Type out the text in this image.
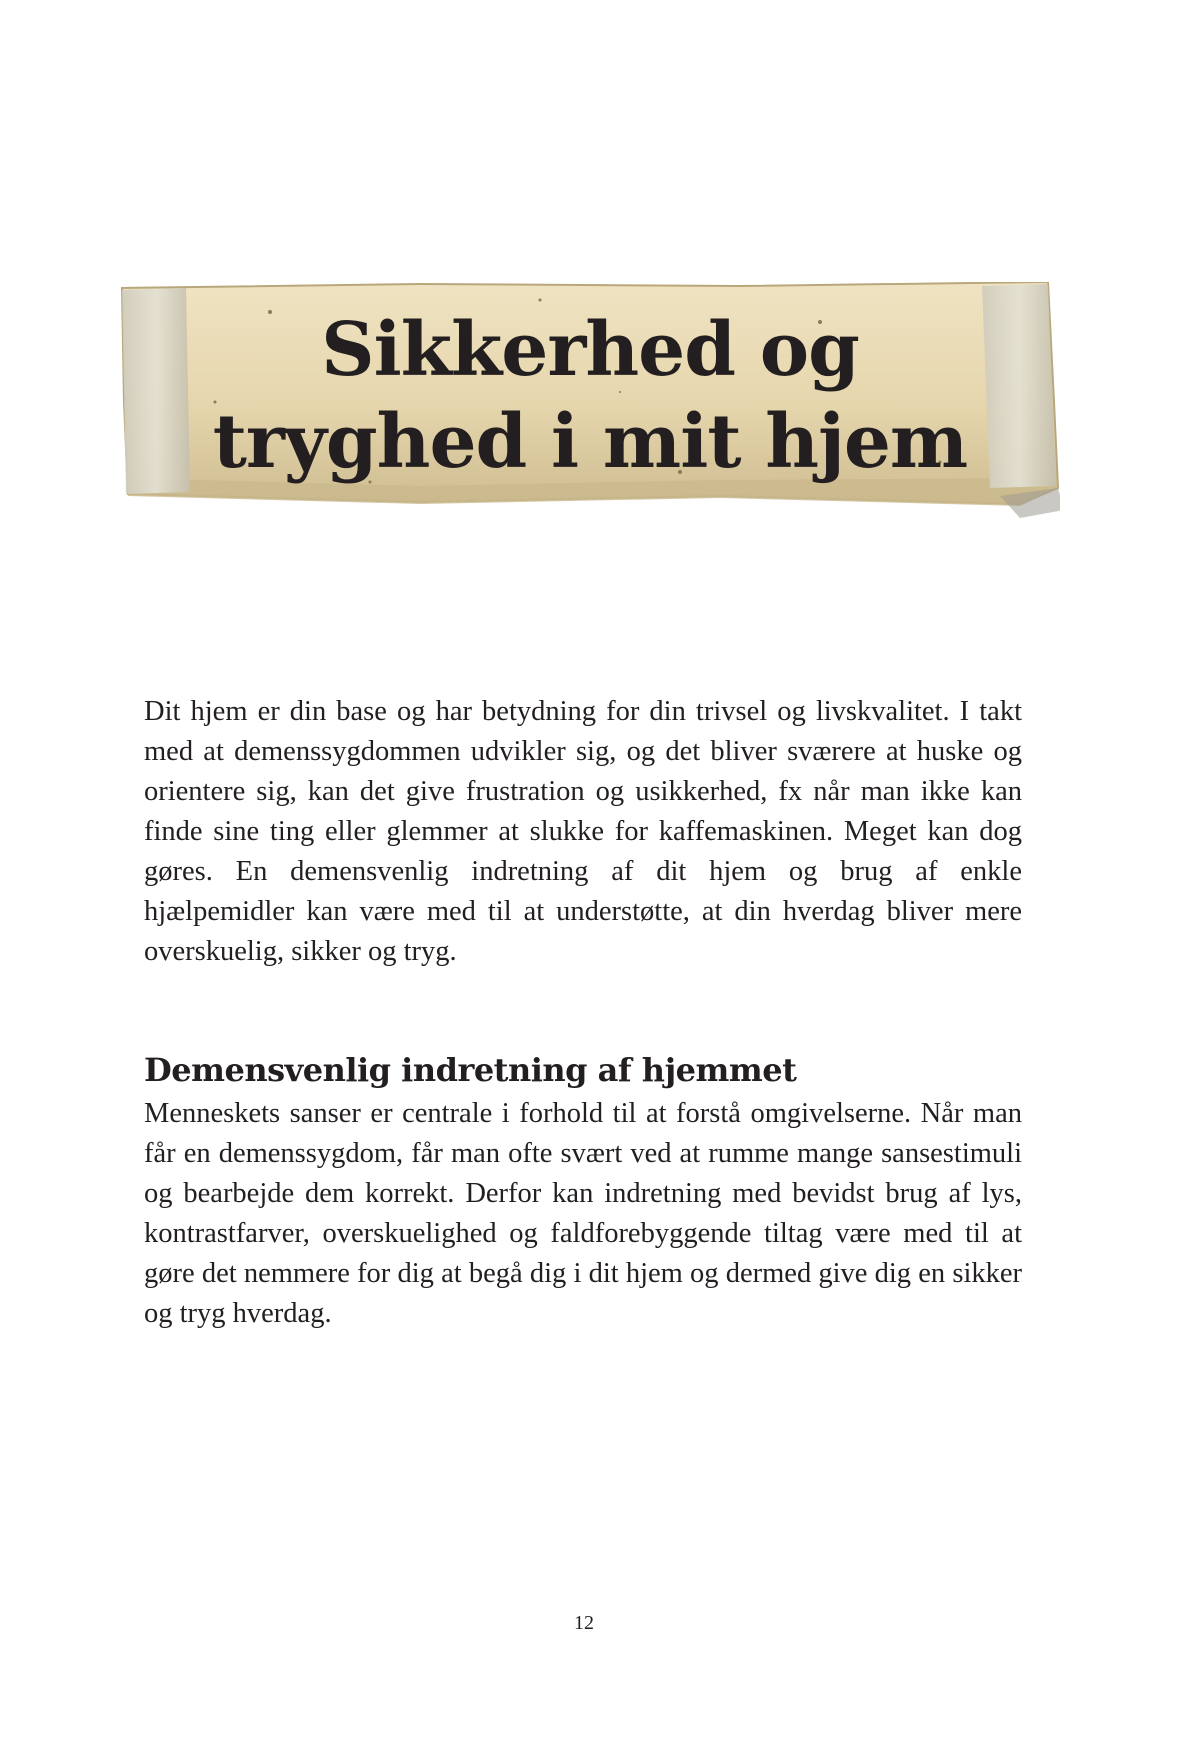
Sikkerhed og
tryghed i mit hjem

Dit hjem er din base og har betydning for din trivsel og livskvalitet. I takt med at demenssygdommen udvikler sig, og det bliver sværere at huske og orientere sig, kan det give frustration og usikkerhed, fx når man ikke kan finde sine ting eller glemmer at slukke for kaffemaskinen. Meget kan dog gøres. En demensvenlig indretning af dit hjem og brug af enkle hjælpemidler kan være med til at understøtte, at din hverdag bliver mere overskuelig, sikker og tryg.

Demensvenlig indretning af hjemmet

Menneskets sanser er centrale i forhold til at forstå omgivelserne. Når man får en demenssygdom, får man ofte svært ved at rumme mange sansestimuli og bearbejde dem korrekt. Derfor kan indretning med bevidst brug af lys, kontrastfarver, overskuelighed og faldforebyggende tiltag være med til at gøre det nemmere for dig at begå dig i dit hjem og dermed give dig en sikker og tryg hverdag.

12
